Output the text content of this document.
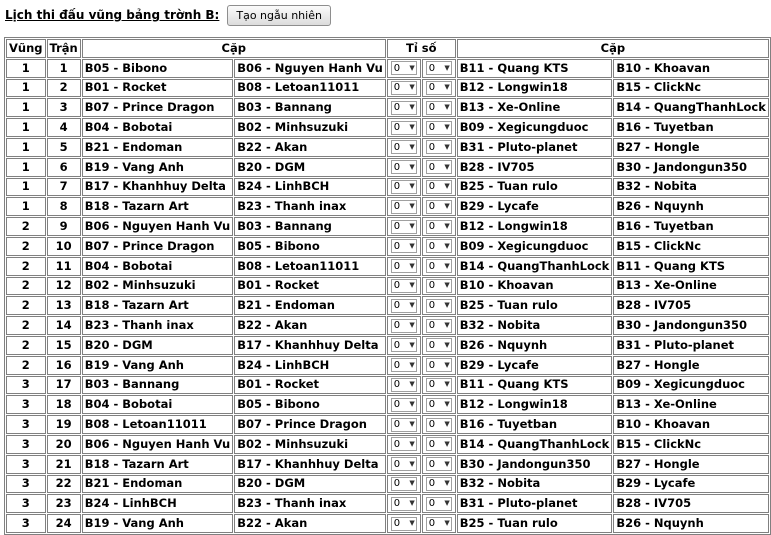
Lịch thi đấu vũng bảng trờnh B:	Tạo ngẫu nhiên
Vũng	Trận	Cặp		Tỉ số		Cặp	
1	1	B05 - Bibono	B06 - Nguyen Hanh Vu	0 ▼	0 ▼	B11 - Quang KTS	B10 - Khoavan
1	2	B01 - Rocket	B08 - Letoan11011	0 ▼	0 ▼	B12 - Longwin18	B15 - ClickNc
1	3	B07 - Prince Dragon	B03 - Bannang	0 ▼	0 ▼	B13 - Xe-Online	B14 - QuangThanhLock
1	4	B04 - Bobotai	B02 - Minhsuzuki	0 ▼	0 ▼	B09 - Xegicungduoc	B16 - Tuyetban
1	5	B21 - Endoman	B22 - Akan	0 ▼	0 ▼	B31 - Pluto-planet	B27 - Hongle
1	6	B19 - Vang Anh	B20 - DGM	0 ▼	0 ▼	B28 - IV705	B30 - Jandongun350
1	7	B17 - Khanhhuy Delta	B24 - LinhBCH	0 ▼	0 ▼	B25 - Tuan rulo	B32 - Nobita
1	8	B18 - Tazarn Art	B23 - Thanh inax	0 ▼	0 ▼	B29 - Lycafe	B26 - Nquynh
2	9	B06 - Nguyen Hanh Vu	B03 - Bannang	0 ▼	0 ▼	B12 - Longwin18	B16 - Tuyetban
2	10	B07 - Prince Dragon	B05 - Bibono	0 ▼	0 ▼	B09 - Xegicungduoc	B15 - ClickNc
2	11	B04 - Bobotai	B08 - Letoan11011	0 ▼	0 ▼	B14 - QuangThanhLock	B11 - Quang KTS
2	12	B02 - Minhsuzuki	B01 - Rocket	0 ▼	0 ▼	B10 - Khoavan	B13 - Xe-Online
2	13	B18 - Tazarn Art	B21 - Endoman	0 ▼	0 ▼	B25 - Tuan rulo	B28 - IV705
2	14	B23 - Thanh inax	B22 - Akan	0 ▼	0 ▼	B32 - Nobita	B30 - Jandongun350
2	15	B20 - DGM	B17 - Khanhhuy Delta	0 ▼	0 ▼	B26 - Nquynh	B31 - Pluto-planet
2	16	B19 - Vang Anh	B24 - LinhBCH	0 ▼	0 ▼	B29 - Lycafe	B27 - Hongle
3	17	B03 - Bannang	B01 - Rocket	0 ▼	0 ▼	B11 - Quang KTS	B09 - Xegicungduoc
3	18	B04 - Bobotai	B05 - Bibono	0 ▼	0 ▼	B12 - Longwin18	B13 - Xe-Online
3	19	B08 - Letoan11011	B07 - Prince Dragon	0 ▼	0 ▼	B16 - Tuyetban	B10 - Khoavan
3	20	B06 - Nguyen Hanh Vu	B02 - Minhsuzuki	0 ▼	0 ▼	B14 - QuangThanhLock	B15 - ClickNc
3	21	B18 - Tazarn Art	B17 - Khanhhuy Delta	0 ▼	0 ▼	B30 - Jandongun350	B27 - Hongle
3	22	B21 - Endoman	B20 - DGM	0 ▼	0 ▼	B32 - Nobita	B29 - Lycafe
3	23	B24 - LinhBCH	B23 - Thanh inax	0 ▼	0 ▼	B31 - Pluto-planet	B28 - IV705
3	24	B19 - Vang Anh	B22 - Akan	0 ▼	0 ▼	B25 - Tuan rulo	B26 - Nquynh
